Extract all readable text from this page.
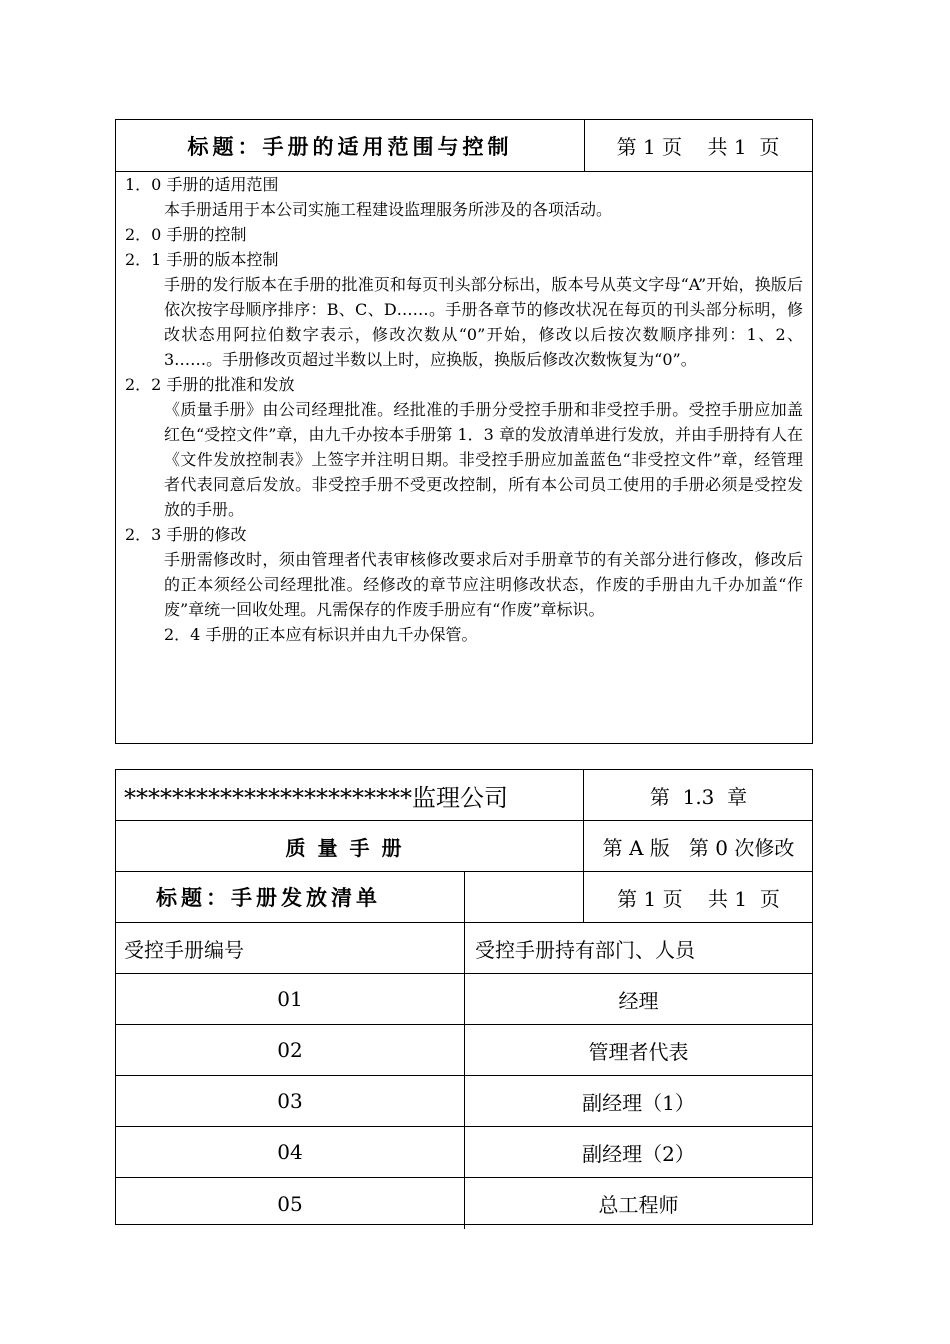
标题：手册的适用范围与控制	第 1 页    共 1  页
1．0 手册的适用范围
本手册适用于本公司实施工程建设监理服务所涉及的各项活动。
2．0 手册的控制
2．1 手册的版本控制
手册的发行版本在手册的批准页和每页刊头部分标出，版本号从英文字母“A”开始，换版后依次按字母顺序排序：B、C、D……。手册各章节的修改状况在每页的刊头部分标明，修改状态用阿拉伯数字表示，修改次数从“0”开始，修改以后按次数顺序排列：1、2、3……。手册修改页超过半数以上时，应换版，换版后修改次数恢复为“0”。
2．2 手册的批准和发放
《质量手册》由公司经理批准。经批准的手册分受控手册和非受控手册。受控手册应加盖红色“受控文件”章，由九千办按本手册第 1．3 章的发放清单进行发放，并由手册持有人在《文件发放控制表》上签字并注明日期。非受控手册应加盖蓝色“非受控文件”章，经管理者代表同意后发放。非受控手册不受更改控制，所有本公司员工使用的手册必须是受控发放的手册。
2．3 手册的修改
手册需修改时，须由管理者代表审核修改要求后对手册章节的有关部分进行修改，修改后的正本须经公司经理批准。经修改的章节应注明修改状态，作废的手册由九千办加盖“作废”章统一回收处理。凡需保存的作废手册应有“作废”章标识。
2．4 手册的正本应有标识并由九千办保管。
************************监理公司	第  1.3  章
质量手册	第 A 版   第 0 次修改
标题：手册发放清单	第 1 页    共 1  页
受控手册编号	受控手册持有部门、人员
01	经理
02	管理者代表
03	副经理（1）
04	副经理（2）
05	总工程师
